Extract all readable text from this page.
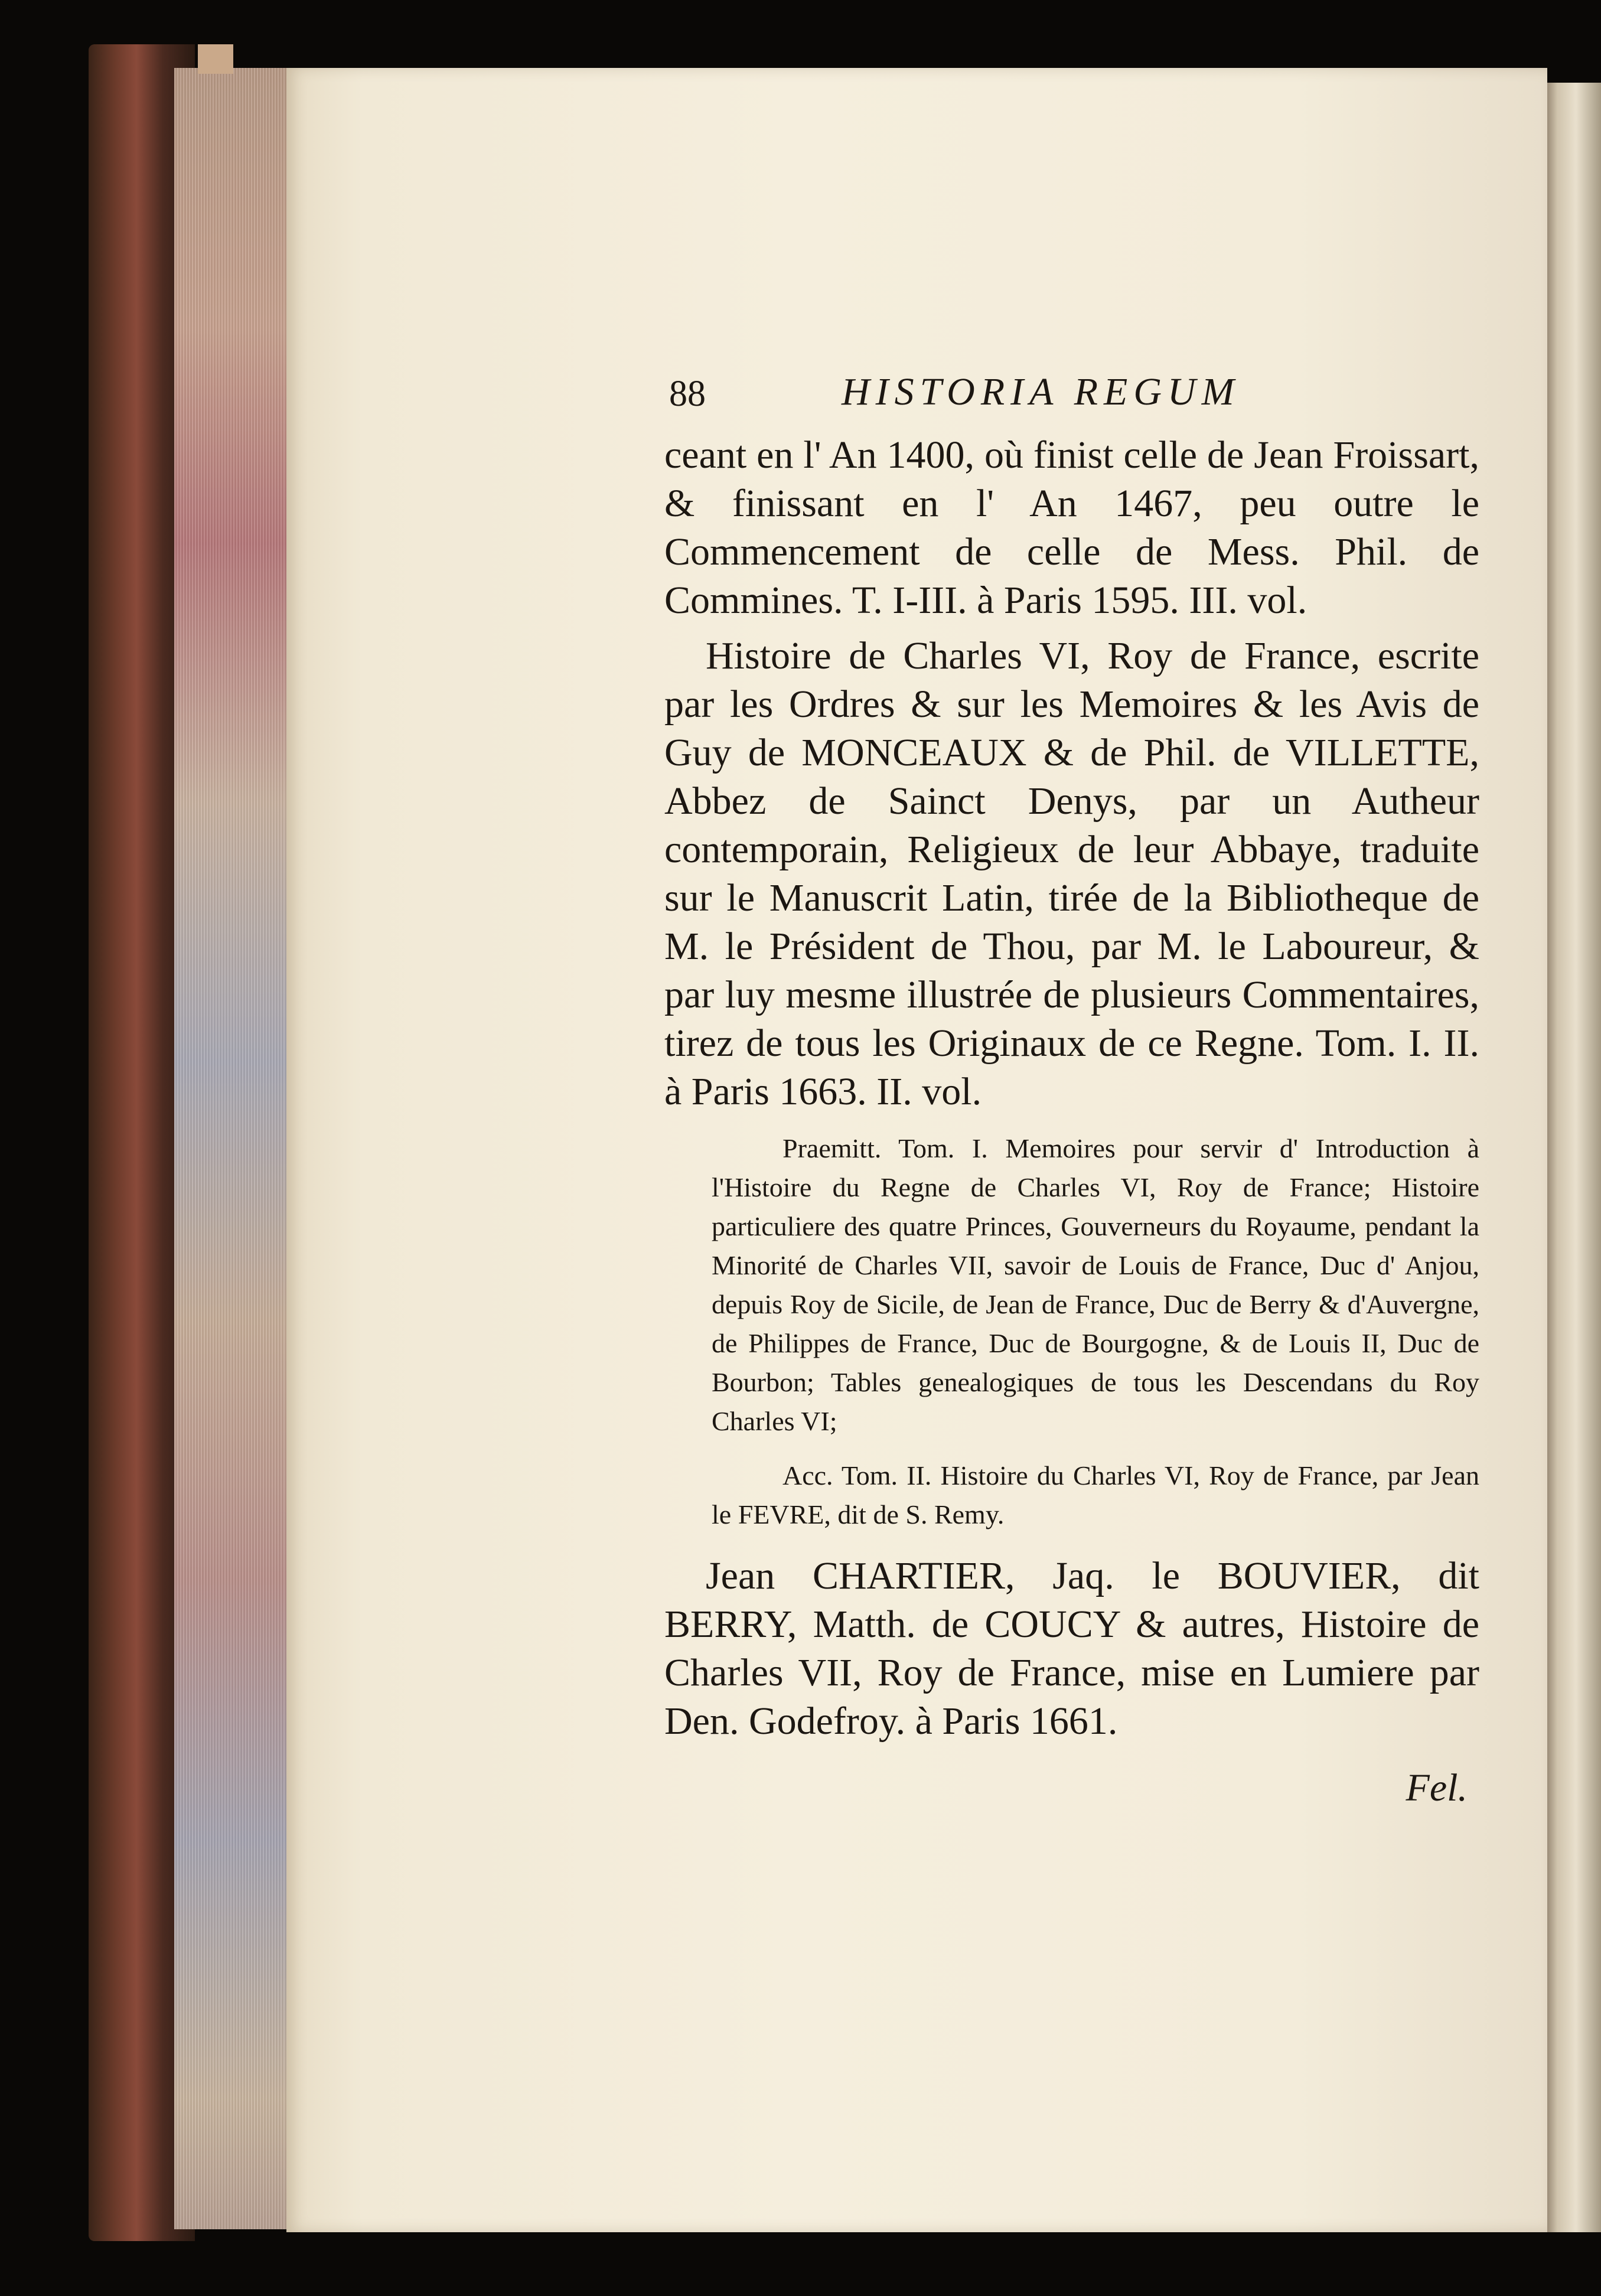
88	HISTORIA REGUM

ceant en l' An 1400, où finist celle de Jean Froissart, & finissant en l' An 1467, peu outre le Commencement de celle de Mess. Phil. de Commines. T. I-III. à Paris 1595. III. vol.

Histoire de Charles VI, Roy de France, escrite par les Ordres & sur les Memoires & les Avis de Guy de MONCEAUX & de Phil. de VILLETTE, Abbez de Sainct Denys, par un Autheur contemporain, Religieux de leur Abbaye, traduite sur le Manuscrit Latin, tirée de la Bibliotheque de M. le Président de Thou, par M. le Laboureur, & par luy mesme illustrée de plusieurs Commentaires, tirez de tous les Originaux de ce Regne. Tom. I. II. à Paris 1663. II. vol.

Praemitt. Tom. I. Memoires pour servir d' Introduction à l'Histoire du Regne de Charles VI, Roy de France; Histoire particuliere des quatre Princes, Gouverneurs du Royaume, pendant la Minorité de Charles VII, savoir de Louis de France, Duc d' Anjou, depuis Roy de Sicile, de Jean de France, Duc de Berry & d'Auvergne, de Philippes de France, Duc de Bourgogne, & de Louis II, Duc de Bourbon; Tables genealogiques de tous les Descendans du Roy Charles VI;

Acc. Tom. II. Histoire du Charles VI, Roy de France, par Jean le FEVRE, dit de S. Remy.

Jean CHARTIER, Jaq. le BOUVIER, dit BERRY, Matth. de COUCY & autres, Histoire de Charles VII, Roy de France, mise en Lumiere par Den. Godefroy. à Paris 1661.

Fel.
